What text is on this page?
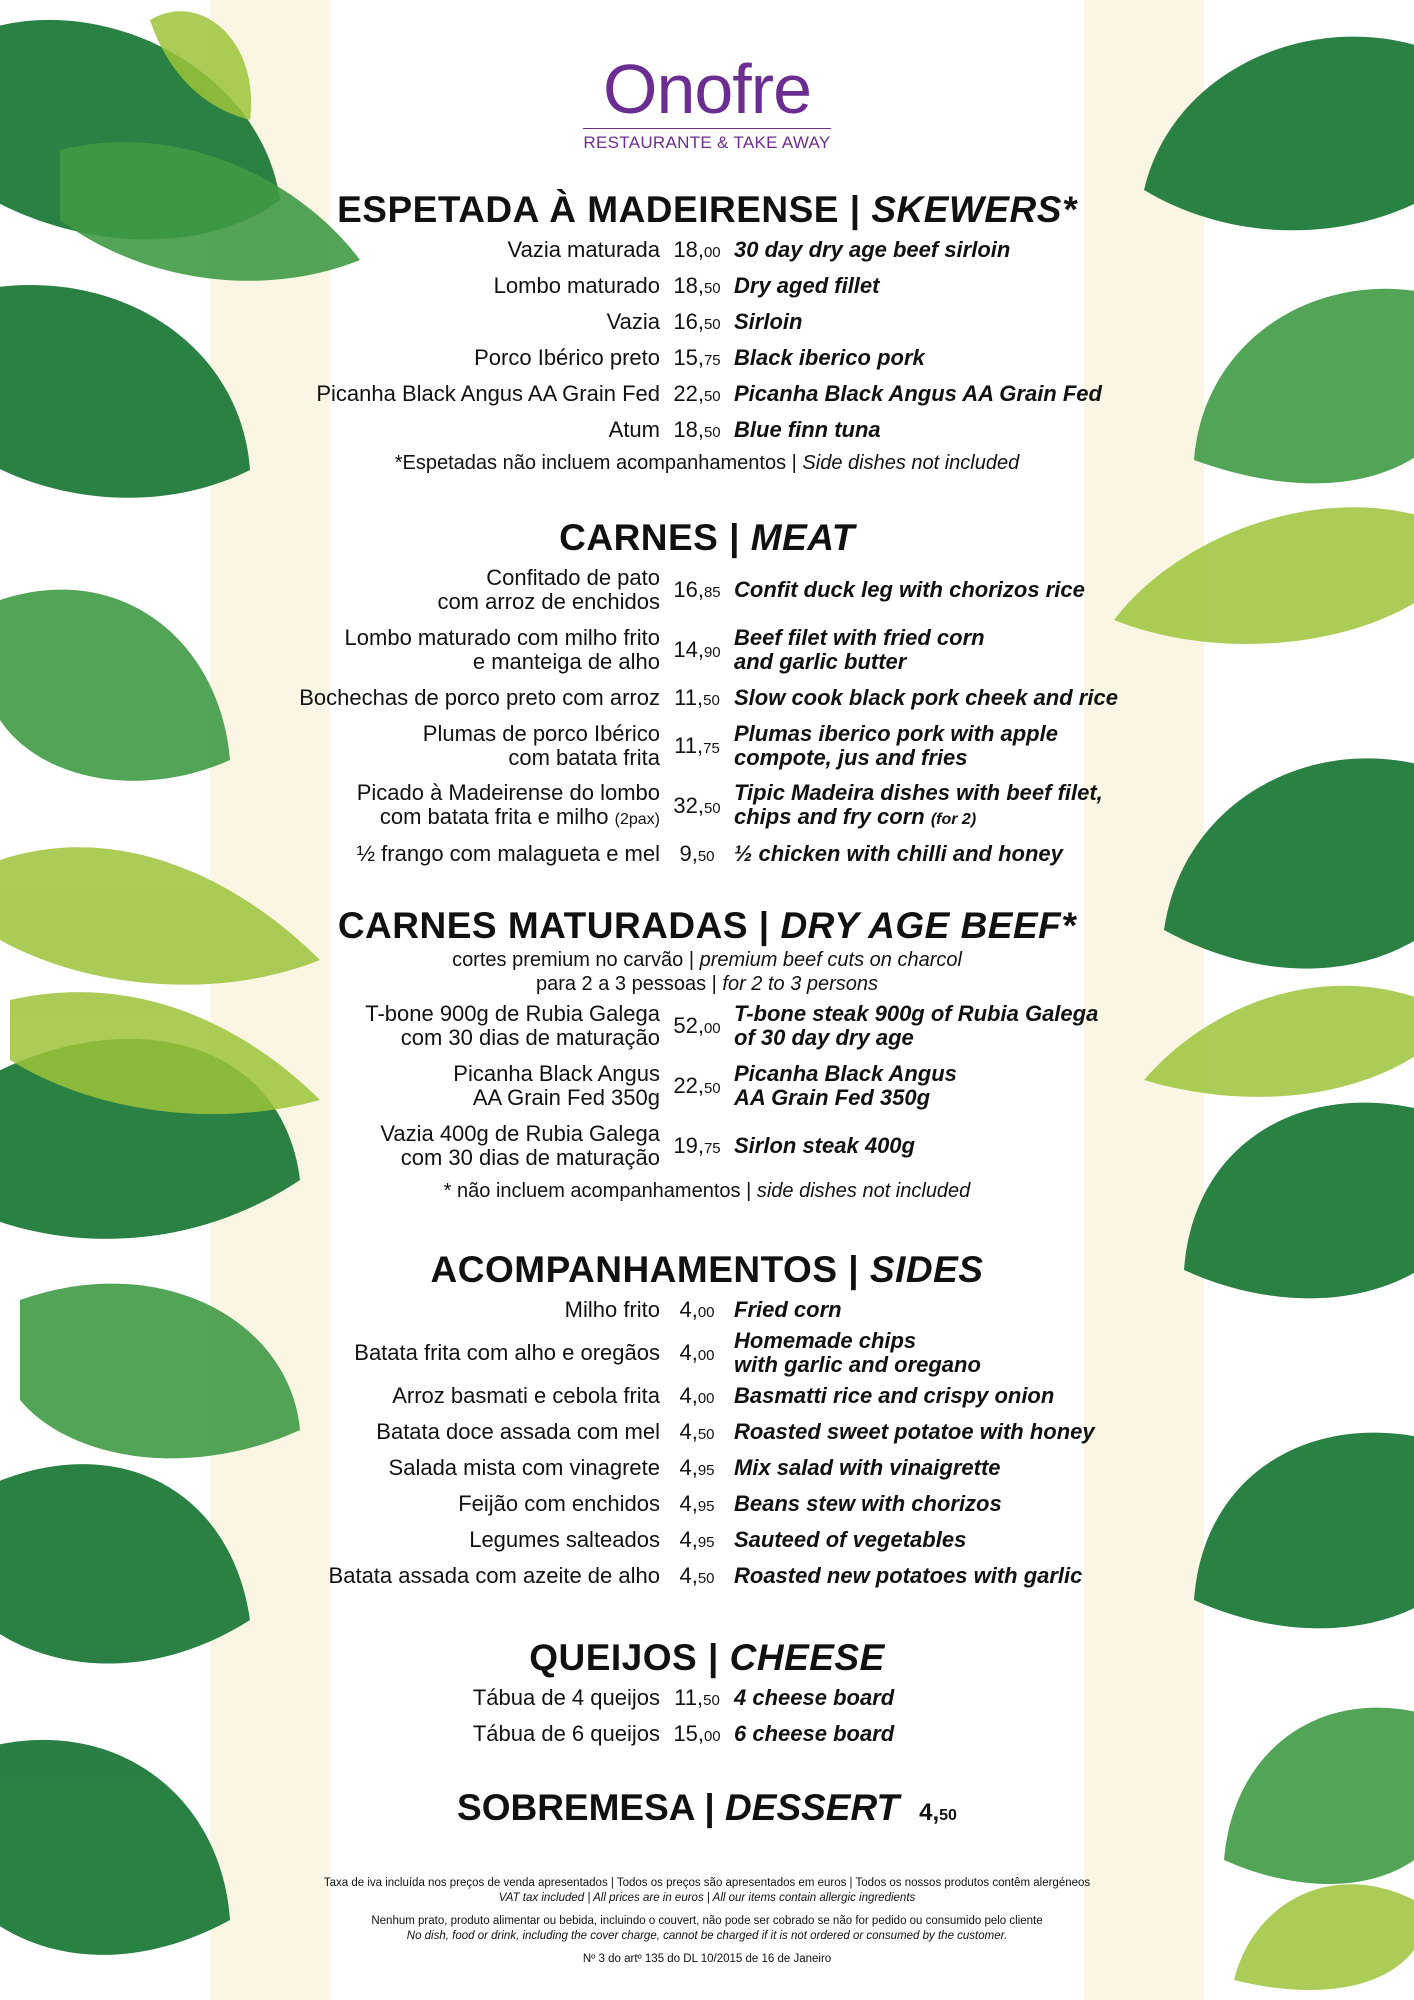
Onofre
RESTAURANTE & TAKE AWAY
ESPETADA À MADEIRENSE | SKEWERS*
Vazia maturada 18,00 30 day dry age beef sirloin
Lombo maturado 18,50 Dry aged fillet
Vazia 16,50 Sirloin
Porco Ibérico preto 15,75 Black iberico pork
Picanha Black Angus AA Grain Fed 22,50 Picanha Black Angus AA Grain Fed
Atum 18,50 Blue finn tuna
*Espetadas não incluem acompanhamentos | Side dishes not included
CARNES | MEAT
Confitado de pato
com arroz de enchidos 16,85 Confit duck leg with chorizos rice
Lombo maturado com milho frito
e manteiga de alho 14,90
Beef filet with fried corn
and garlic butter
Bochechas de porco preto com arroz 11,50 Slow cook black pork cheek and rice
Plumas de porco Ibérico
com batata frita 11,75
Plumas iberico pork with apple
compote, jus and fries
Picado à Madeirense do lombo
com batata frita e milho (2pax)
32,50
Tipic Madeira dishes with beef filet,
chips and fry corn (for 2)
½ frango com malagueta e mel 9,50 ½ chicken with chilli and honey
CARNES MATURADAS | DRY AGE BEEF*
cortes premium no carvão | premium beef cuts on charcol
para 2 a 3 pessoas | for 2 to 3 persons
T-bone 900g de Rubia Galega
com 30 dias de maturação 52,00
T-bone steak 900g of Rubia Galega
of 30 day dry age
Picanha Black Angus
AA Grain Fed 350g 22,50
Picanha Black Angus
AA Grain Fed 350g
Vazia 400g de Rubia Galega
com 30 dias de maturação 19,75 Sirlon steak 400g
* não incluem acompanhamentos | side dishes not included
ACOMPANHAMENTOS | SIDES
Milho frito 4,00 Fried corn
Batata frita com alho e oregãos 4,00
Homemade chips
with garlic and oregano
Arroz basmati e cebola frita 4,00 Basmatti rice and crispy onion
Batata doce assada com mel 4,50 Roasted sweet potatoe with honey
Salada mista com vinagrete 4,95 Mix salad with vinaigrette
Feijão com enchidos 4,95 Beans stew with chorizos
Legumes salteados 4,95 Sauteed of vegetables
Batata assada com azeite de alho 4,50 Roasted new potatoes with garlic
QUEIJOS | CHEESE
Tábua de 4 queijos 11,50 4 cheese board
Tábua de 6 queijos 15,00 6 cheese board
SOBREMESA | DESSERT 4,50
Taxa de iva incluída nos preços de venda apresentados | Todos os preços são apresentados em euros | Todos os nossos produtos contêm alergéneos
VAT tax included | All prices are in euros | All our items contain allergic ingredients
Nenhum prato, produto alimentar ou bebida, incluindo o couvert, não pode ser cobrado se não for pedido ou consumido pelo cliente
No dish, food or drink, including the cover charge, cannot be charged if it is not ordered or consumed by the customer.
Nº 3 do artº 135 do DL 10/2015 de 16 de Janeiro
